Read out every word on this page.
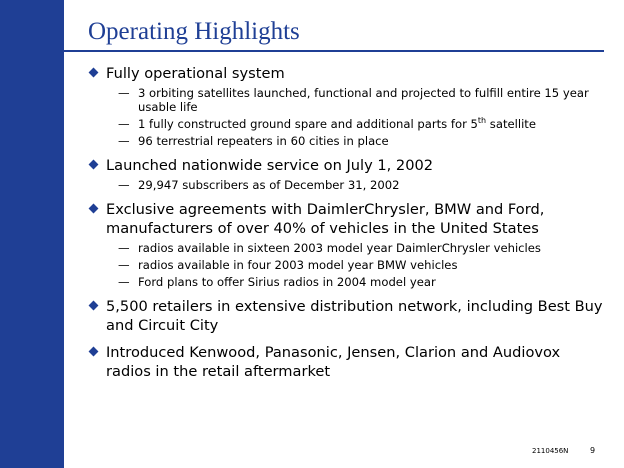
Operating Highlights
Fully operational system
— 3 orbiting satellites launched, functional and projected to fulfill entire 15 year usable life
— 1 fully constructed ground spare and additional parts for 5th satellite
— 96 terrestrial repeaters in 60 cities in place
Launched nationwide service on July 1, 2002
— 29,947 subscribers as of December 31, 2002
Exclusive agreements with DaimlerChrysler, BMW and Ford, manufacturers of over 40% of vehicles in the United States
— radios available in sixteen 2003 model year DaimlerChrysler vehicles
— radios available in four 2003 model year BMW vehicles
— Ford plans to offer Sirius radios in 2004 model year
5,500 retailers in extensive distribution network, including Best Buy and Circuit City
Introduced Kenwood, Panasonic, Jensen, Clarion and Audiovox radios in the retail aftermarket
2110456N	9
